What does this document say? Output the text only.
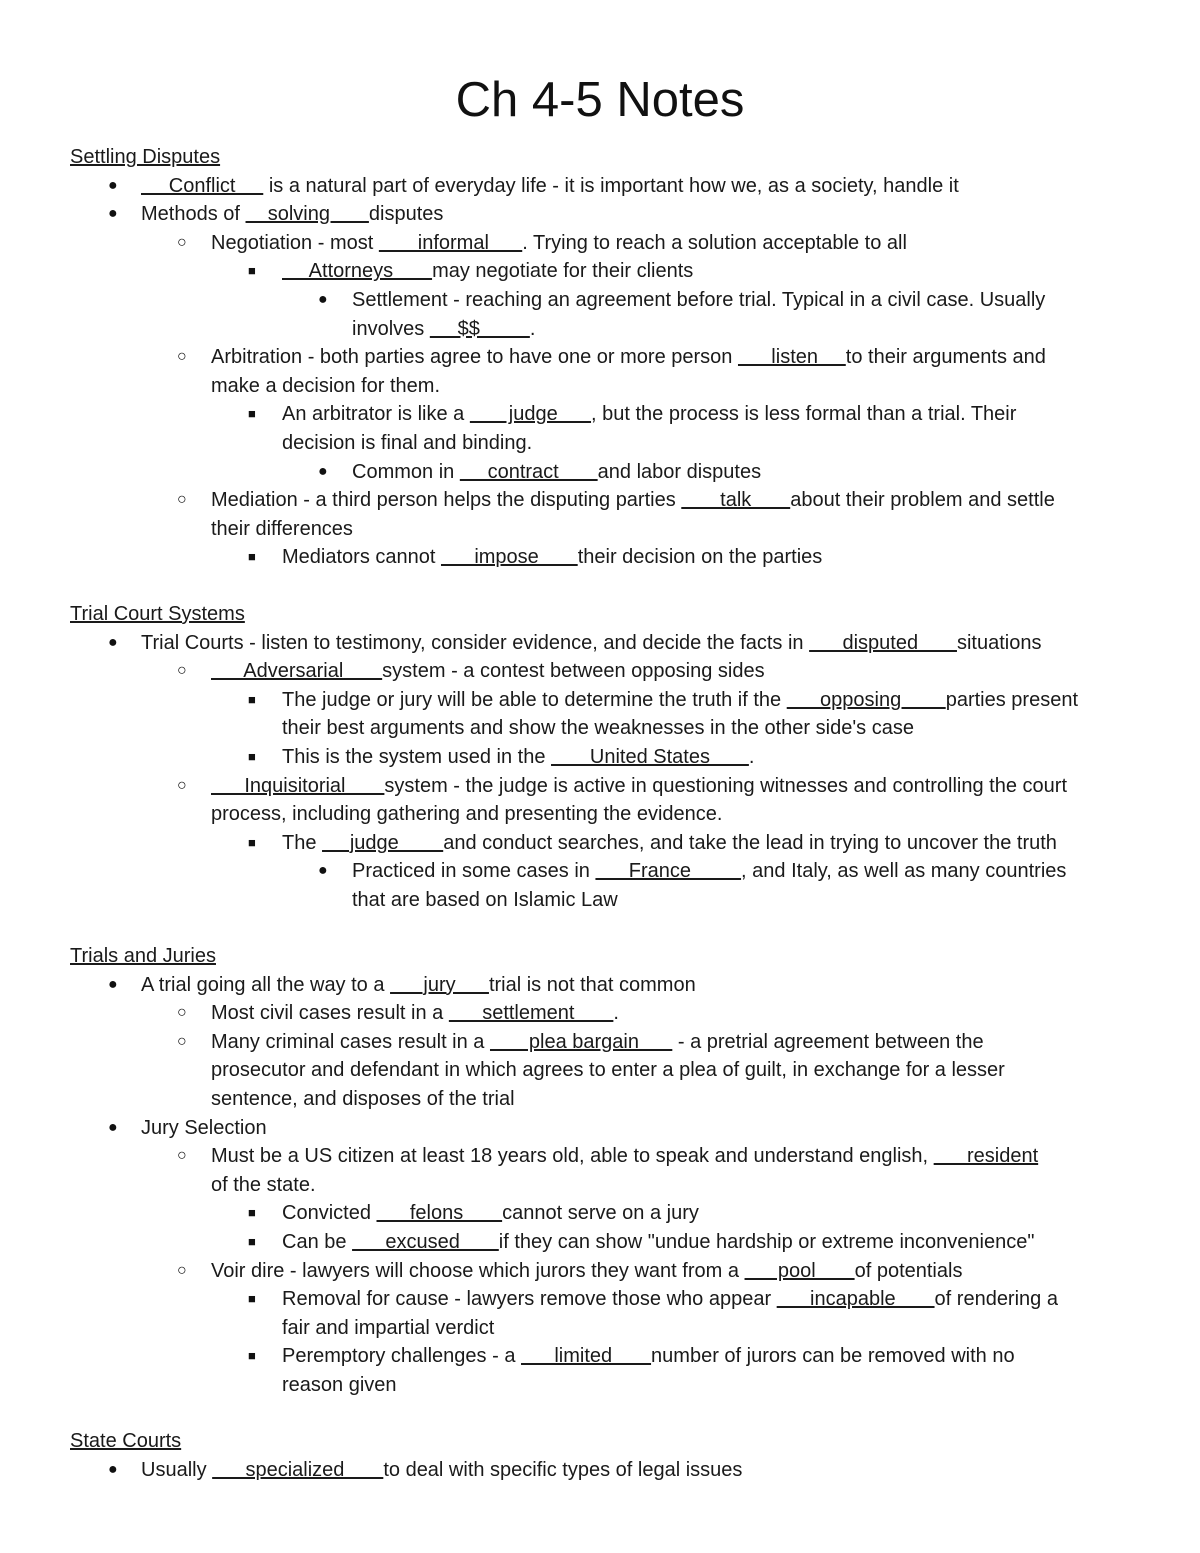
Ch 4-5 Notes
Settling Disputes
●
Conflict      is a natural part of everyday life - it is important how we, as a society, handle it
●
Methods of     solving       disputes
○
Negotiation - most        informal      . Trying to reach a solution acceptable to all
■
Attorneys       may negotiate for their clients
●
Settlement - reaching an agreement before trial. Typical in a civil case. Usually
involves      $$         .
○
Arbitration - both parties agree to have one or more person       listen     to their arguments and
make a decision for them.
■
An arbitrator is like a        judge      , but the process is less formal than a trial. Their
decision is final and binding.
●
Common in      contract       and labor disputes
○
Mediation - a third person helps the disputing parties        talk       about their problem and settle
their differences
■
Mediators cannot       impose       their decision on the parties
Trial Court Systems
●
Trial Courts - listen to testimony, consider evidence, and decide the facts in       disputed       situations
○
Adversarial       system - a contest between opposing sides
■
The judge or jury will be able to determine the truth if the       opposing        parties present
their best arguments and show the weaknesses in the other side's case
■
This is the system used in the        United States       .
○
Inquisitorial       system - the judge is active in questioning witnesses and controlling the court
process, including gathering and presenting the evidence.
■
The      judge        and conduct searches, and take the lead in trying to uncover the truth
●
Practiced in some cases in       France         , and Italy, as well as many countries
that are based on Islamic Law
Trials and Juries
●
A trial going all the way to a       jury      trial is not that common
○
Most civil cases result in a       settlement       .
○
Many criminal cases result in a        plea bargain       - a pretrial agreement between the
prosecutor and defendant in which agrees to enter a plea of guilt, in exchange for a lesser
sentence, and disposes of the trial
●
Jury Selection
○
Must be a US citizen at least 18 years old, able to speak and understand english,       resident
of the state.
■
Convicted       felons       cannot serve on a jury
■
Can be       excused       if they can show "undue hardship or extreme inconvenience"
○
Voir dire - lawyers will choose which jurors they want from a       pool       of potentials
■
Removal for cause - lawyers remove those who appear       incapable       of rendering a
fair and impartial verdict
■
Peremptory challenges - a       limited       number of jurors can be removed with no
reason given
State Courts
●
Usually       specialized       to deal with specific types of legal issues
